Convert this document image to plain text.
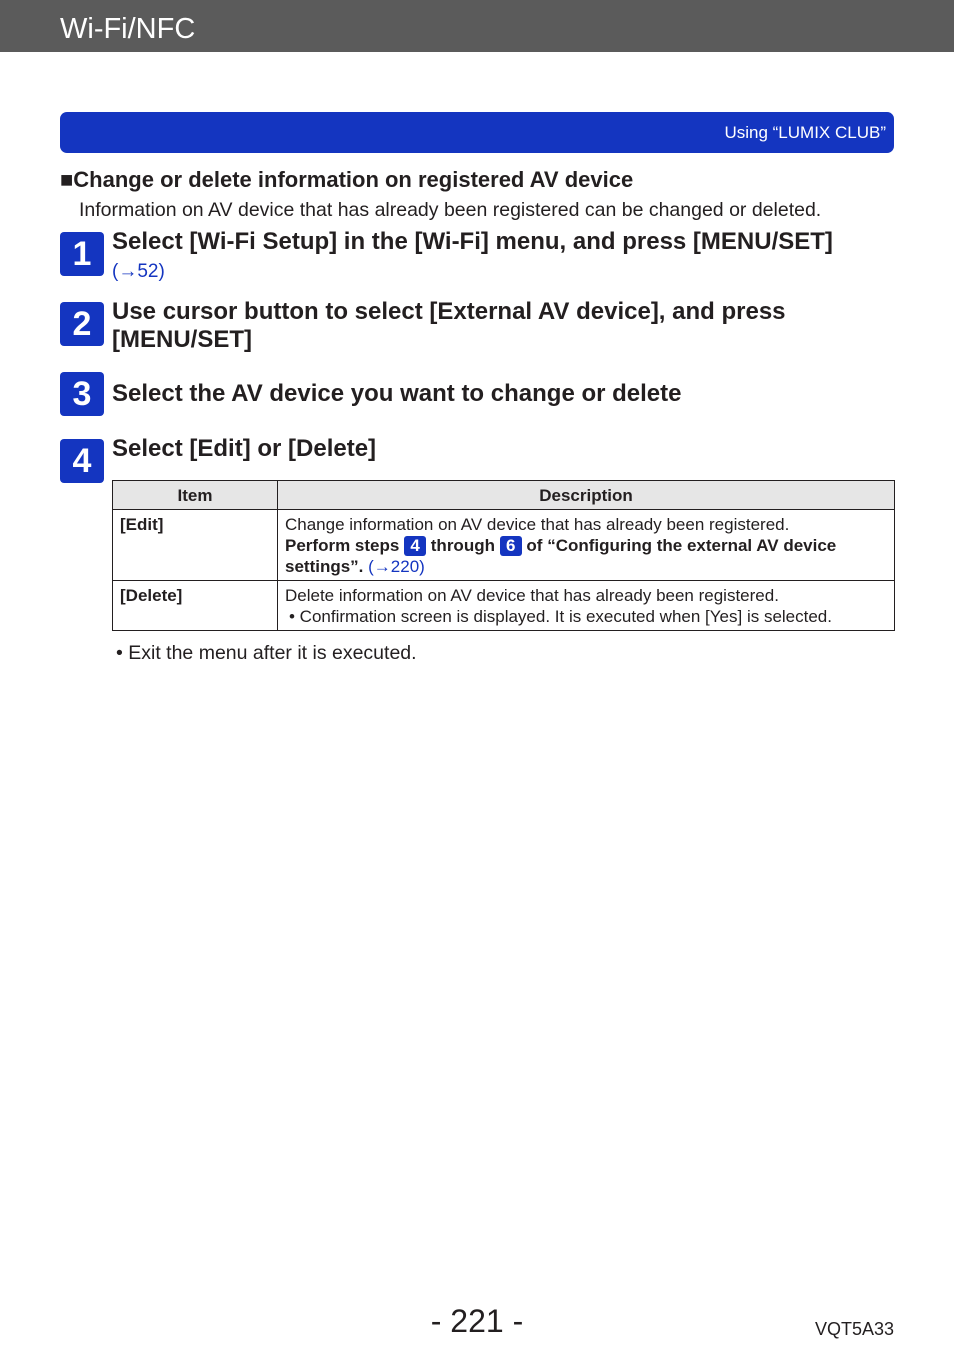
Wi-Fi/NFC
Using “LUMIX CLUB”
■Change or delete information on registered AV device
Information on AV device that has already been registered can be changed or deleted.
1 Select [Wi-Fi Setup] in the [Wi-Fi] menu, and press [MENU/SET] (→52)
2 Use cursor button to select [External AV device], and press [MENU/SET]
3 Select the AV device you want to change or delete
4 Select [Edit] or [Delete]
Item	Description
[Edit]	Change information on AV device that has already been registered.
Perform steps 4 through 6 of “Configuring the external AV device settings”. (→220)

[Delete]	Delete information on AV device that has already been registered.
• Confirmation screen is displayed. It is executed when [Yes] is selected.
• Exit the menu after it is executed.
- 221 -	VQT5A33
